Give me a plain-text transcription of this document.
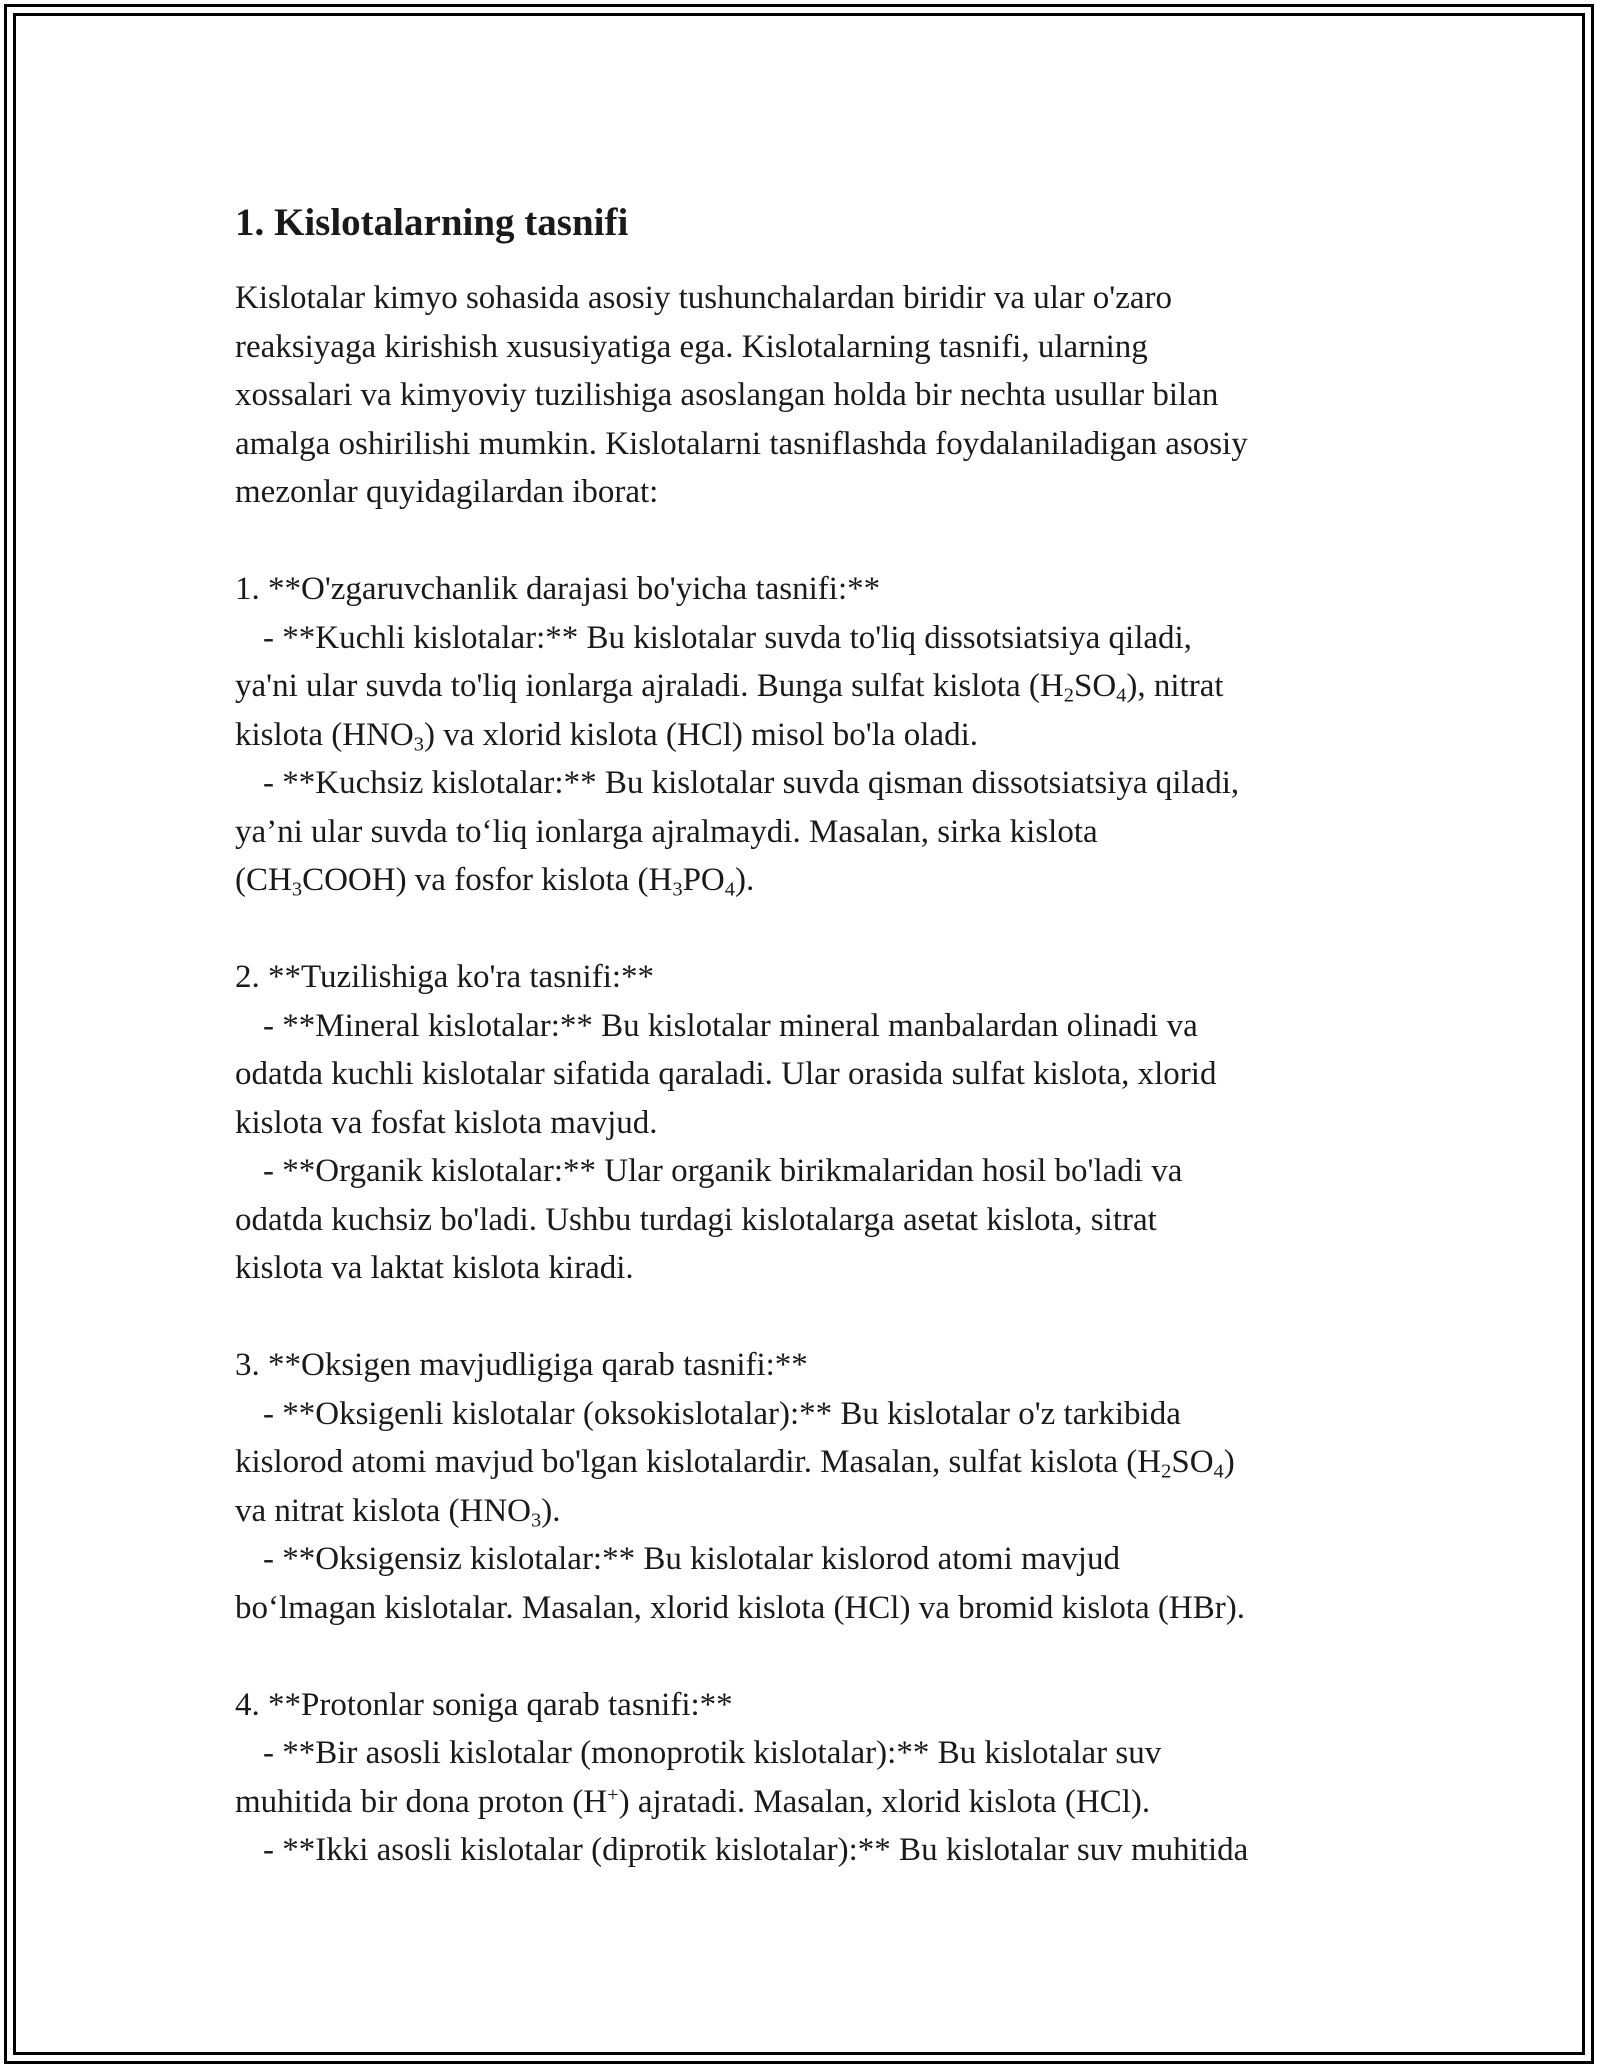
1. Kislotalarning tasnifi
Kislotalar kimyo sohasida asosiy tushunchalardan biridir va ular o'zaro
reaksiyaga kirishish xususiyatiga ega. Kislotalarning tasnifi, ularning
xossalari va kimyoviy tuzilishiga asoslangan holda bir nechta usullar bilan
amalga oshirilishi mumkin. Kislotalarni tasniflashda foydalaniladigan asosiy
mezonlar quyidagilardan iborat:
1. **O'zgaruvchanlik darajasi bo'yicha tasnifi:**
- **Kuchli kislotalar:** Bu kislotalar suvda to'liq dissotsiatsiya qiladi,
ya'ni ular suvda to'liq ionlarga ajraladi. Bunga sulfat kislota $(H_2SO_4)$, nitrat
kislota $(HNO_3)$ va xlorid kislota (HCl) misol bo'la oladi.
- **Kuchsiz kislotalar:** Bu kislotalar suvda qisman dissotsiatsiya qiladi,
ya’ni ular suvda to‘liq ionlarga ajralmaydi. Masalan, sirka kislota
$(CH_3COOH)$ va fosfor kislota $(H_3PO_4)$.
2. **Tuzilishiga ko'ra tasnifi:**
- **Mineral kislotalar:** Bu kislotalar mineral manbalardan olinadi va
odatda kuchli kislotalar sifatida qaraladi. Ular orasida sulfat kislota, xlorid
kislota va fosfat kislota mavjud.
- **Organik kislotalar:** Ular organik birikmalaridan hosil bo'ladi va
odatda kuchsiz bo'ladi. Ushbu turdagi kislotalarga asetat kislota, sitrat
kislota va laktat kislota kiradi.
3. **Oksigen mavjudligiga qarab tasnifi:**
- **Oksigenli kislotalar (oksokislotalar):** Bu kislotalar o'z tarkibida
kislorod atomi mavjud bo'lgan kislotalardir. Masalan, sulfat kislota $(H_2SO_4)$
va nitrat kislota $(HNO_3)$.
- **Oksigensiz kislotalar:** Bu kislotalar kislorod atomi mavjud
bo‘lmagan kislotalar. Masalan, xlorid kislota (HCl) va bromid kislota (HBr).
4. **Protonlar soniga qarab tasnifi:**
- **Bir asosli kislotalar (monoprotik kislotalar):** Bu kislotalar suv
muhitida bir dona proton (H+) ajratadi. Masalan, xlorid kislota (HCl).
- **Ikki asosli kislotalar (diprotik kislotalar):** Bu kislotalar suv muhitida
